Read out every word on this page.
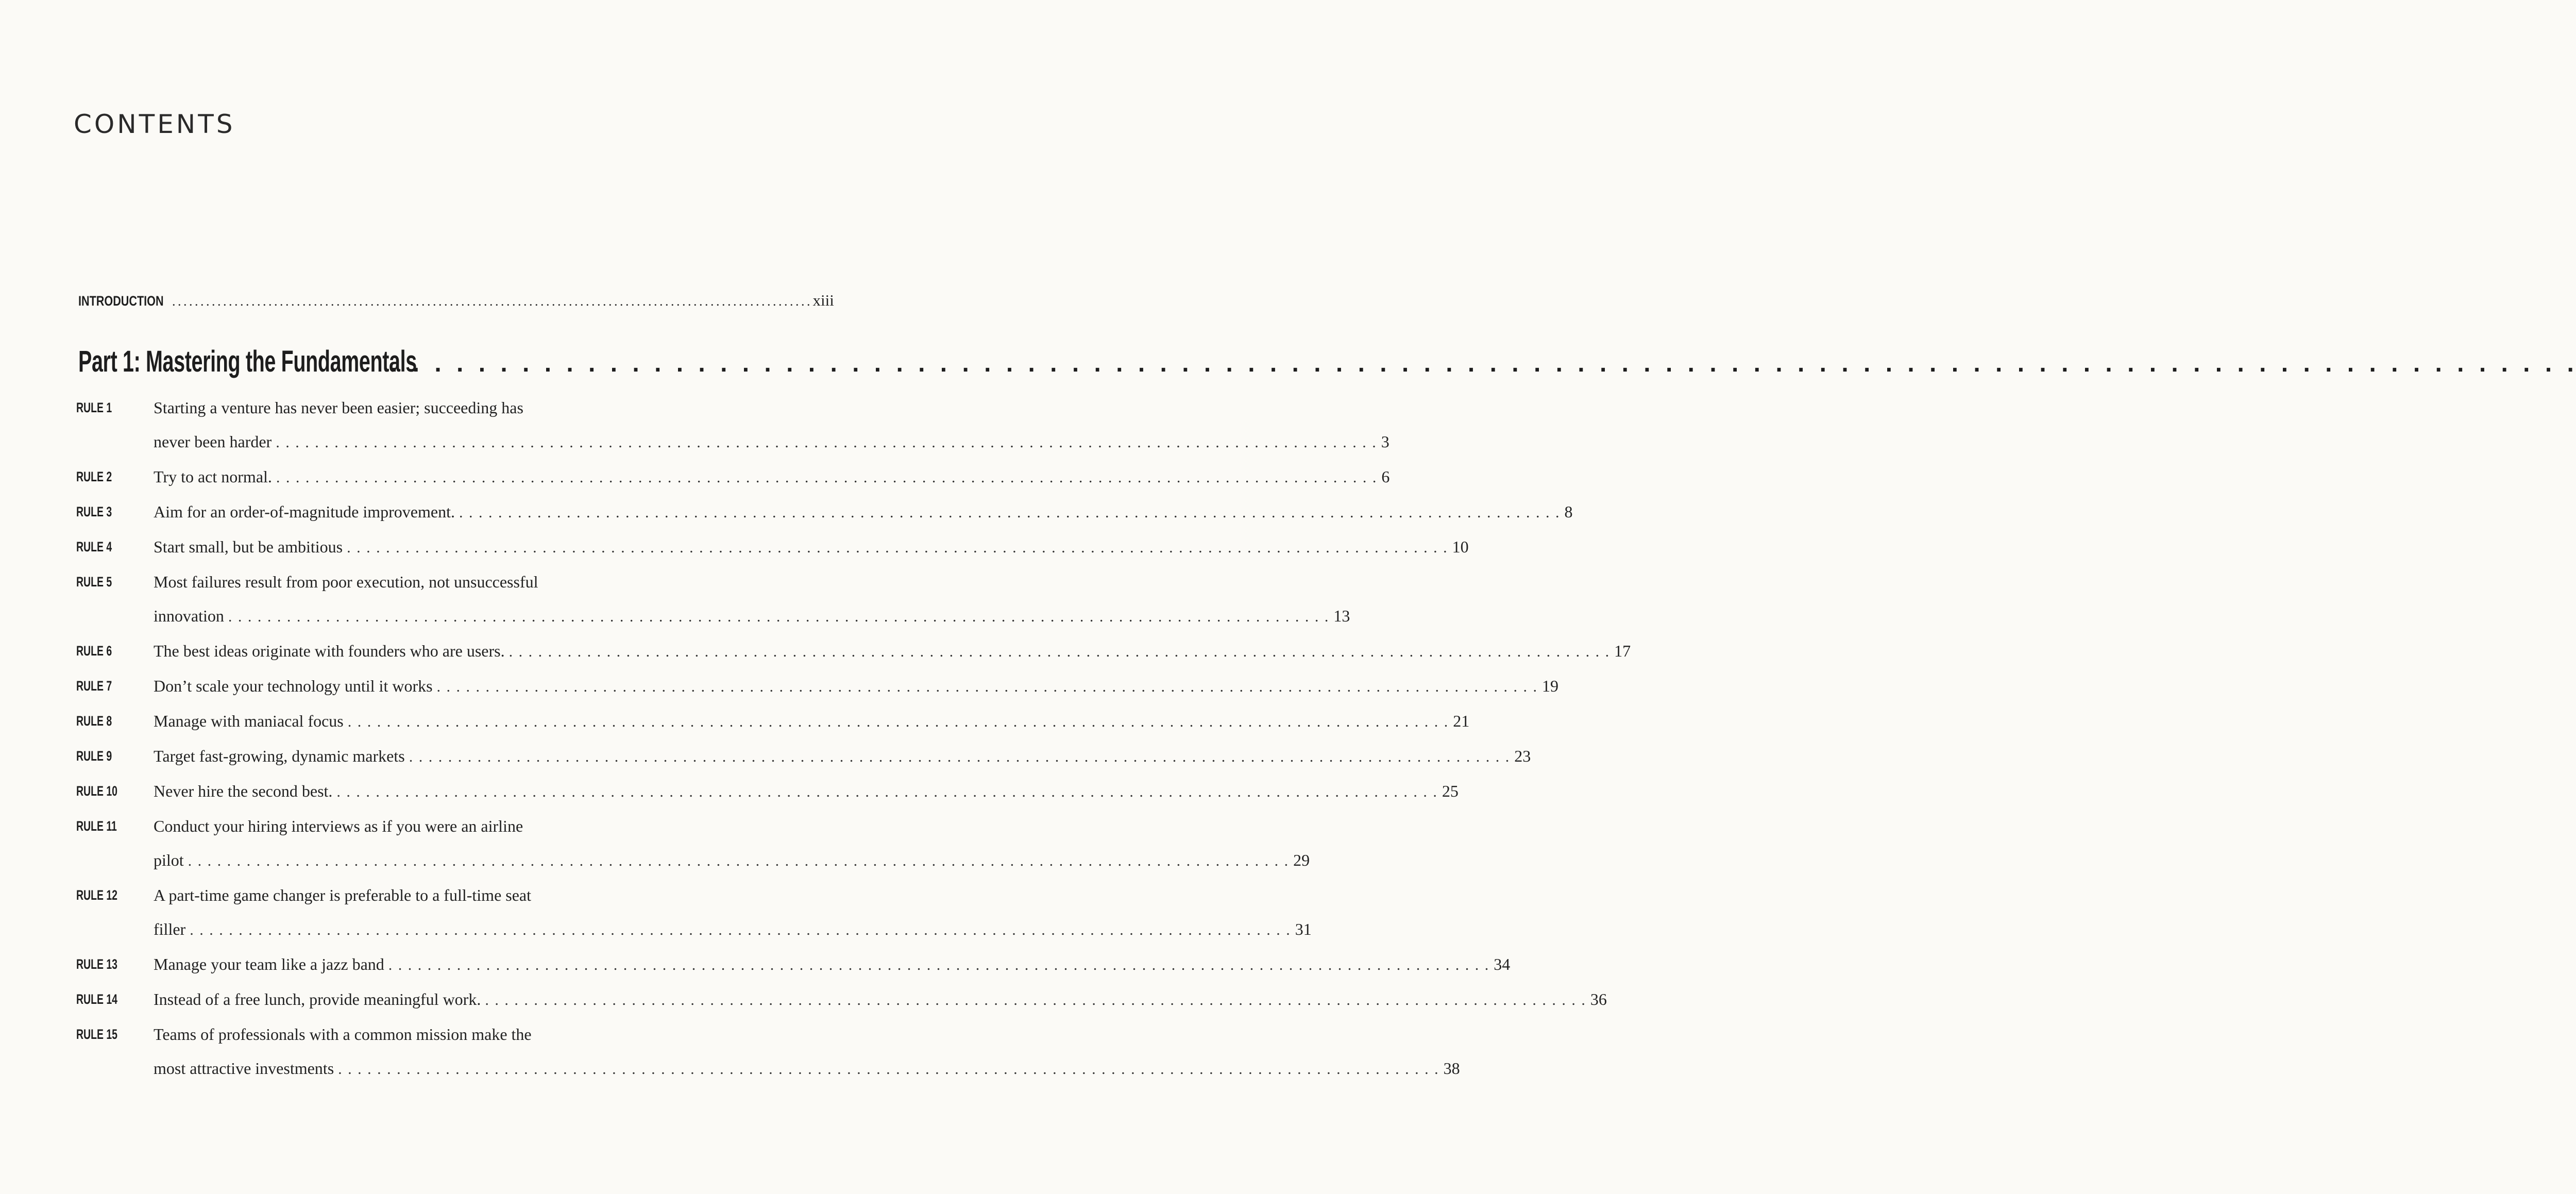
CONTENTS
INTRODUCTION . . .	xiii
Part 1: Mastering the Fundamentals
. . .
RULE 1	Starting a venture has never been easier; succeeding has
never been harder . . .	3
RULE 2	Try to act normal. . . .	6
RULE 3	Aim for an order-of-magnitude improvement. . . .	8
RULE 4	Start small, but be ambitious . . .	10
RULE 5	Most failures result from poor execution, not unsuccessful
innovation . . .	13
RULE 6	The best ideas originate with founders who are users. . . .	17
RULE 7	Don’t scale your technology until it works . . .	19
RULE 8	Manage with maniacal focus . . .	21
RULE 9	Target fast-growing, dynamic markets . . .	23
RULE 10	Never hire the second best. . . .	25
RULE 11	Conduct your hiring interviews as if you were an airline
pilot . . .	29
RULE 12	A part-time game changer is preferable to a full-time seat
filler . . .	31
RULE 13	Manage your team like a jazz band . . .	34
RULE 14	Instead of a free lunch, provide meaningful work. . . .	36
RULE 15	Teams of professionals with a common mission make the
most attractive investments . . .	38
